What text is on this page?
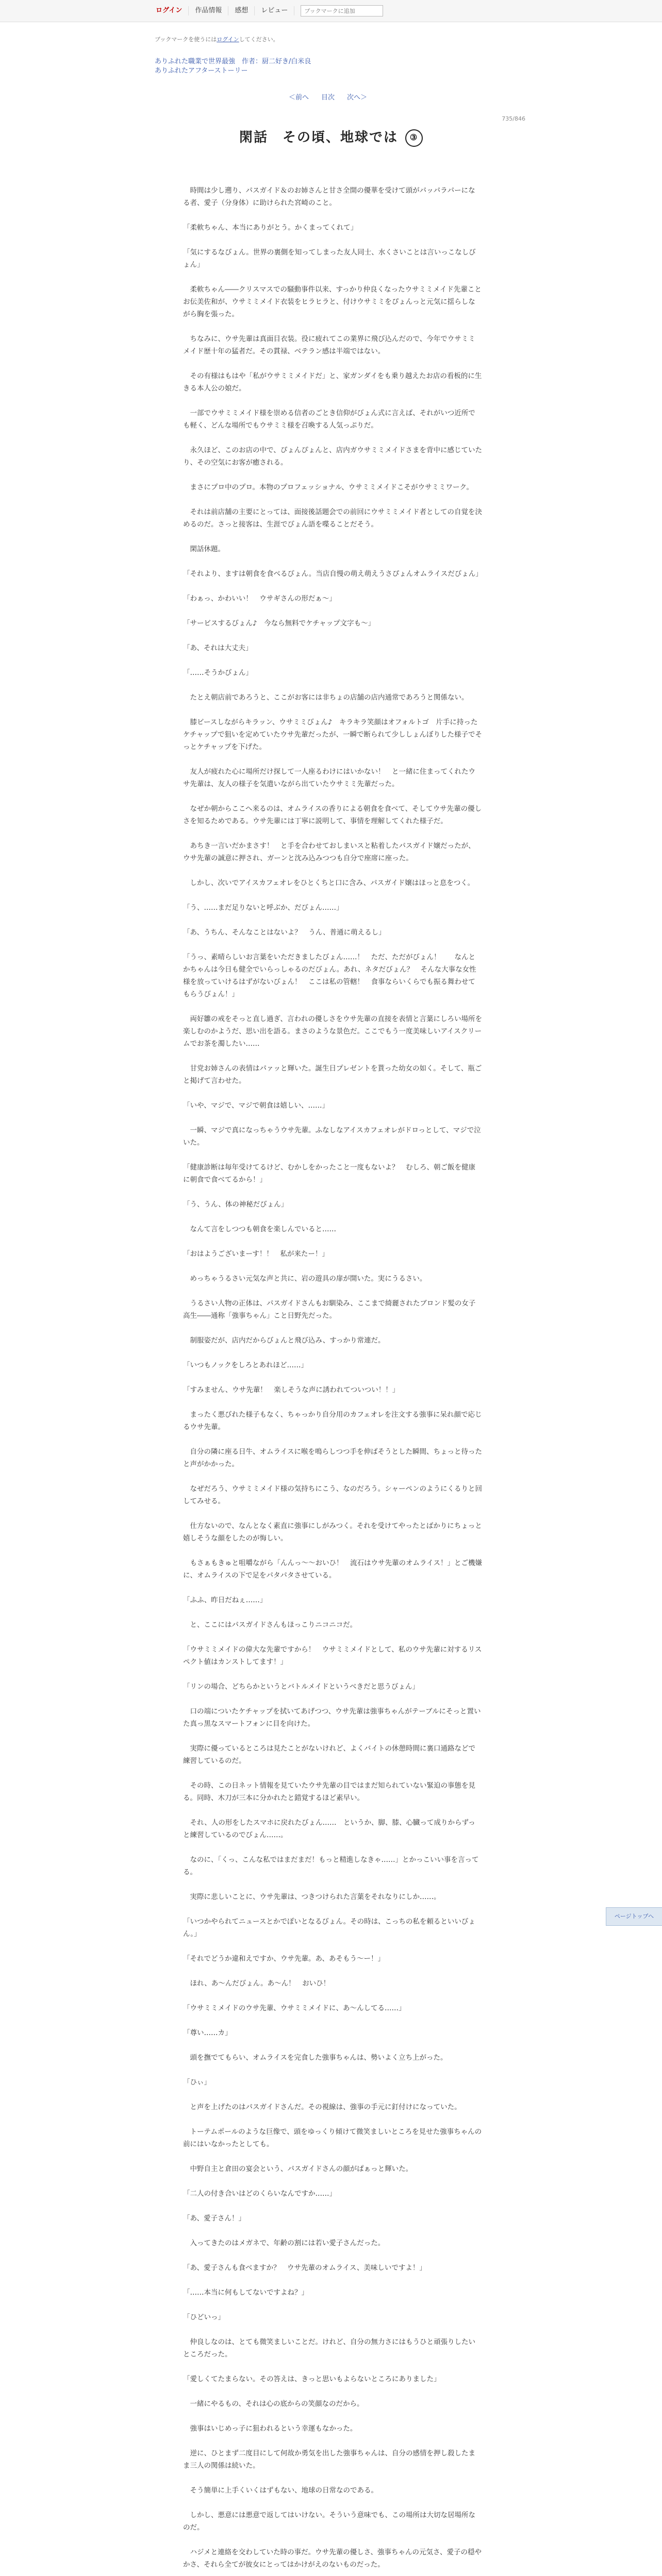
ログイン	作品情報	感想	レビュー
ブックマークに追加
ブックマークを使うにはログインしてください。
ありふれた職業で世界最強　作者：厨二好き/白米良
ありふれたアフターストーリー
＜前へ 目次 次へ＞
735/846
閑話　その頃、地球では ③

時間は少し遡り、パスガイド＆のお姉さんと甘さ全開の優華を受けて頭がパッパラパーになる者、愛子（分身体）に助けられた宮崎のこと。

「柔軟ちゃん、本当にありがとう。かくまってくれて」

「気にするなびょん。世界の裏側を知ってしまった友人同士、水くさいことは言いっこなしびょん」

柔軟ちゃん――クリスマスでの騒動事件以来、すっかり仲良くなったウサミミメイド先輩ことお伝美佐和が、ウサミミメイド衣装をヒラヒラと、付けウサミミをぴょんっと元気に揺らしながら胸を張った。

ちなみに、ウサ先輩は真面目衣装。役に疲れてこの業界に飛び込んだので、今年でウサミミメイド歴十年の猛者だ。その貫禄、ベテラン感は半端ではない。

その有様はもはや「私がウサミミメイドだ」と、家ガンダイをも乗り越えたお店の看板的に生きる本人公の娘だ。

一部でウサミミメイド様を崇める信者のごとき信仰がびょん式に言えば、それがいつ近所でも軽く、どんな場所でもウサミミ様を召喚する人気っぷりだ。

永久ほど、このお店の中で、ぴょんぴょんと、店内ガウサミミメイドさまを背中に感じていたり、その空気にお客が癒される。

まさにプロ中のプロ。本物のプロフェッショナル、ウサミミメイドこそがウサミミワーク。

それは前店舗の主要にとっては、面接後話題会での前回にウサミミメイド者としての自覚を決めるのだ。さっと接客は、生涯でびょん語を喋ることだそう。

閑話休題。

「それより、ますは朝食を食べるびょん。当店自慢の萌え萌えうさぴょんオムライスだびょん」

「わぁっ、かわいい！　ウサギさんの形だぁ～」

「サービスするびょん♪　今なら無料でケチャップ文字も～」

「あ、それは大丈夫」

「……そうかびょん」

たとえ朝店前であろうと、ここがお客には非ちょの店舗の店内通常であろうと関係ない。

膝ビースしながらキラッン、ウサミミびょん♪　キラキラ笑顔はオフォルトゴ　片手に持ったケチャップで狙いを定めていたウサ先輩だったが、一瞬で断られて少ししょんぼりした様子でそっとケチャップを下げた。

友人が疲れた心に場所だけ探して一人座るわけにはいかない！　と一緒に住まってくれたウサ先輩は、友人の様子を気遣いながら出ていたウサミミ先輩だった。

なぜか朝からここへ来るのは、オムライスの香りによる朝食を食べて、そしてウサ先輩の優しさを知るためである。ウサ先輩には丁寧に説明して、事情を理解してくれた様子だ。

あちき一言いだかまさす！　と手を合わせておしまいスと粘着したパスガイド嬢だったが、ウサ先輩の誠意に押され、ガーンと沈み込みつつも自分で座席に座った。

しかし、次いでアイスカフェオレをひとくちと口に含み、パスガイド嬢はほっと息をつく。

「う、……まだ足りないと呼ぶか、だびょん……」

「あ、うちん、そんなことはないよ？　うん、普通に萌えるし」

「うっ、素晴らしいお言葉をいただきましたびょん……！　ただ、ただがびょん！　　なんとかちゃんは今日も健全でいらっしゃるのだびょん。あれ、ネタだびょん？　そんな大事な女性様を放っていけるはずがないびょん！　ここは私の管轄！　食事ならいくらでも振る舞わせてもらうびょん！」

両好雛の戒をそっと直し過ぎ、言われの優しさをウサ先輩の直接を表情と言葉にしろい場所を楽しむのかようだ、思い出を語る。まさのような景色だ。ここでもう一度美味しいアイスクリームでお茶を濁したい……

甘党お姉さんの表情はパァッと輝いた。誕生日プレゼントを貰った幼女の如く。そして、瓶ごと掲げて言わせた。

「いや、マジで、マジで朝食は嬉しい、……」

一瞬、マジで真になっちゃうウサ先輩。ふなしなアイスカフェオレがドロっとして、マジで泣いた。

「健康診断は毎年受けてるけど、むかしをかったこと一度もないよ？　むしろ、朝ご飯を健康に朝食で食べてるから！」

「う、うん、体の神秘だびょん」

なんて言をしつつも朝食を楽しんでいると……

「おはようございまーす！！　私が来たー！」

めっちゃうるさい元気な声と共に、岩の遊具の扉が開いた。実にうるさい。

うるさい人物の正体は、パスガイドさんもお馴染み、ここまで綺麗されたブロンド髪の女子高生――通称「強事ちゃん」こと日野先だった。

制服姿だが、店内だからびょんと飛び込み、すっかり常連だ。

「いつもノックをしろとあれほど……」

「すみません、ウサ先輩！　楽しそうな声に誘われてついつい！！」

まったく悪びれた様子もなく、ちゃっかり自分用のカフェオレを注文する強事に呆れ顔で応じるウサ先輩。

自分の隣に座る日牛、オムライスに喉を鳴らしつつ手を伸ばそうとした瞬間、ちょっと待ったと声がかかった。

なぜだろう、ウサミミメイド様の気持ちにこう、なのだろう。シャーペンのようにくるりと回してみせる。

仕方ないので、なんとなく素直に強事にしがみつく。それを受けてやったとばかりにちょっと嬉しそうな顔をしたのが悔しい。

もさぁもきゅと咀嚼ながら「んんっ～～おいひ！　流石はウサ先輩のオムライス！」とご機嫌に、オムライスの下で足をパタパタさせている。

「ふふ、昨日だねぇ……」

と、ここにはパスガイドさんもほっこりニコニコだ。

「ウサミミメイドの偉大な先輩ですから！　ウサミミメイドとして、私のウサ先輩に対するリスペクト値はカンストしてます！」

「リンの場合、どちらかというとバトルメイドというべきだと思うびょん」

口の端についたケチャップを拭いてあげつつ、ウサ先輩は強事ちゃんがテーブルにそっと置いた真っ黒なスマートフォンに目を向けた。

実際に優っているところは見たことがないけれど、よくバイトの休憩時間に裏口通路などで練習しているのだ。

その時、この日ネット情報を見ていたウサ先輩の目ではまだ知られていない緊迫の事態を見る。同時、木刀が三本に分かれたと錯覚するほど素早い。

それ、人の形をしたスマホに戻れたびょん……　というか、脚、膝、心臓って成りからずっと練習しているのでびょん……。

なのに、「くっ、こんな私ではまだまだ！もっと精進しなきゃ……」とかっこいい事を言ってる。

実際に悲しいことに、ウサ先輩は、つきつけられた言葉をそれなりにしか……。

「いつかやられてニュースとかでぽいとなるびょん。その時は、こっちの私を頼るといいびょん。」

「それでどうか違和えですか、ウサ先輩。あ、あそもう～ー！」

ほれ、あ～んだびょん。あ～ん！　おいひ！

「ウサミミメイドのウサ先輩、ウサミミメイドに、あ～んしてる……」

「尊い……カ」

頭を撫でてもらい、オムライスを完食した強事ちゃんは、勢いよく立ち上がった。

「ひぃ」

と声を上げたのはパスガイドさんだ。その視線は、強事の手元に釘付けになっていた。

トーテムポールのような巨像で、頭をゆっくり傾けて微笑ましいところを見せた強事ちゃんの前にはいなかったとしても。

中野自主と倉田の宴会という、パスガイドさんの顔がぱぁっと輝いた。

「二人の付き合いはどのくらいなんですか……」

「あ、愛子さん！」

入ってきたのはメガネで、年齢の割には若い愛子さんだった。

「あ、愛子さんも食べますか？　ウサ先輩のオムライス、美味しいですよ！」

「……本当に何もしてないですよね？」

「ひどいっ」

仲良しなのは、とても微笑ましいことだ。けれど、自分の無力さにはもうひと頑張りしたいところだった。

「愛しくてたまらない。その答えは、きっと思いもよらないところにありました」

一緒にやるもの、それは心の底からの笑顔なのだから。

強事はいじめっ子に狙われるという幸運もなかった。

逆に、ひとまず二度目にして何故か勇気を出した強事ちゃんは、自分の感情を押し殺したまま三人の関係は続いた。

そう簡単に上手くいくはずもない、地球の日常なのである。

しかし、悪意には悪意で返してはいけない。そういう意味でも、この場所は大切な居場所なのだ。

ハジメと連絡を交わしていた時の事だ。ウサ先輩の優しさ、強事ちゃんの元気さ、愛子の穏やかさ、それら全てが彼女にとってはかけがえのないものだった。

ページトップへ
